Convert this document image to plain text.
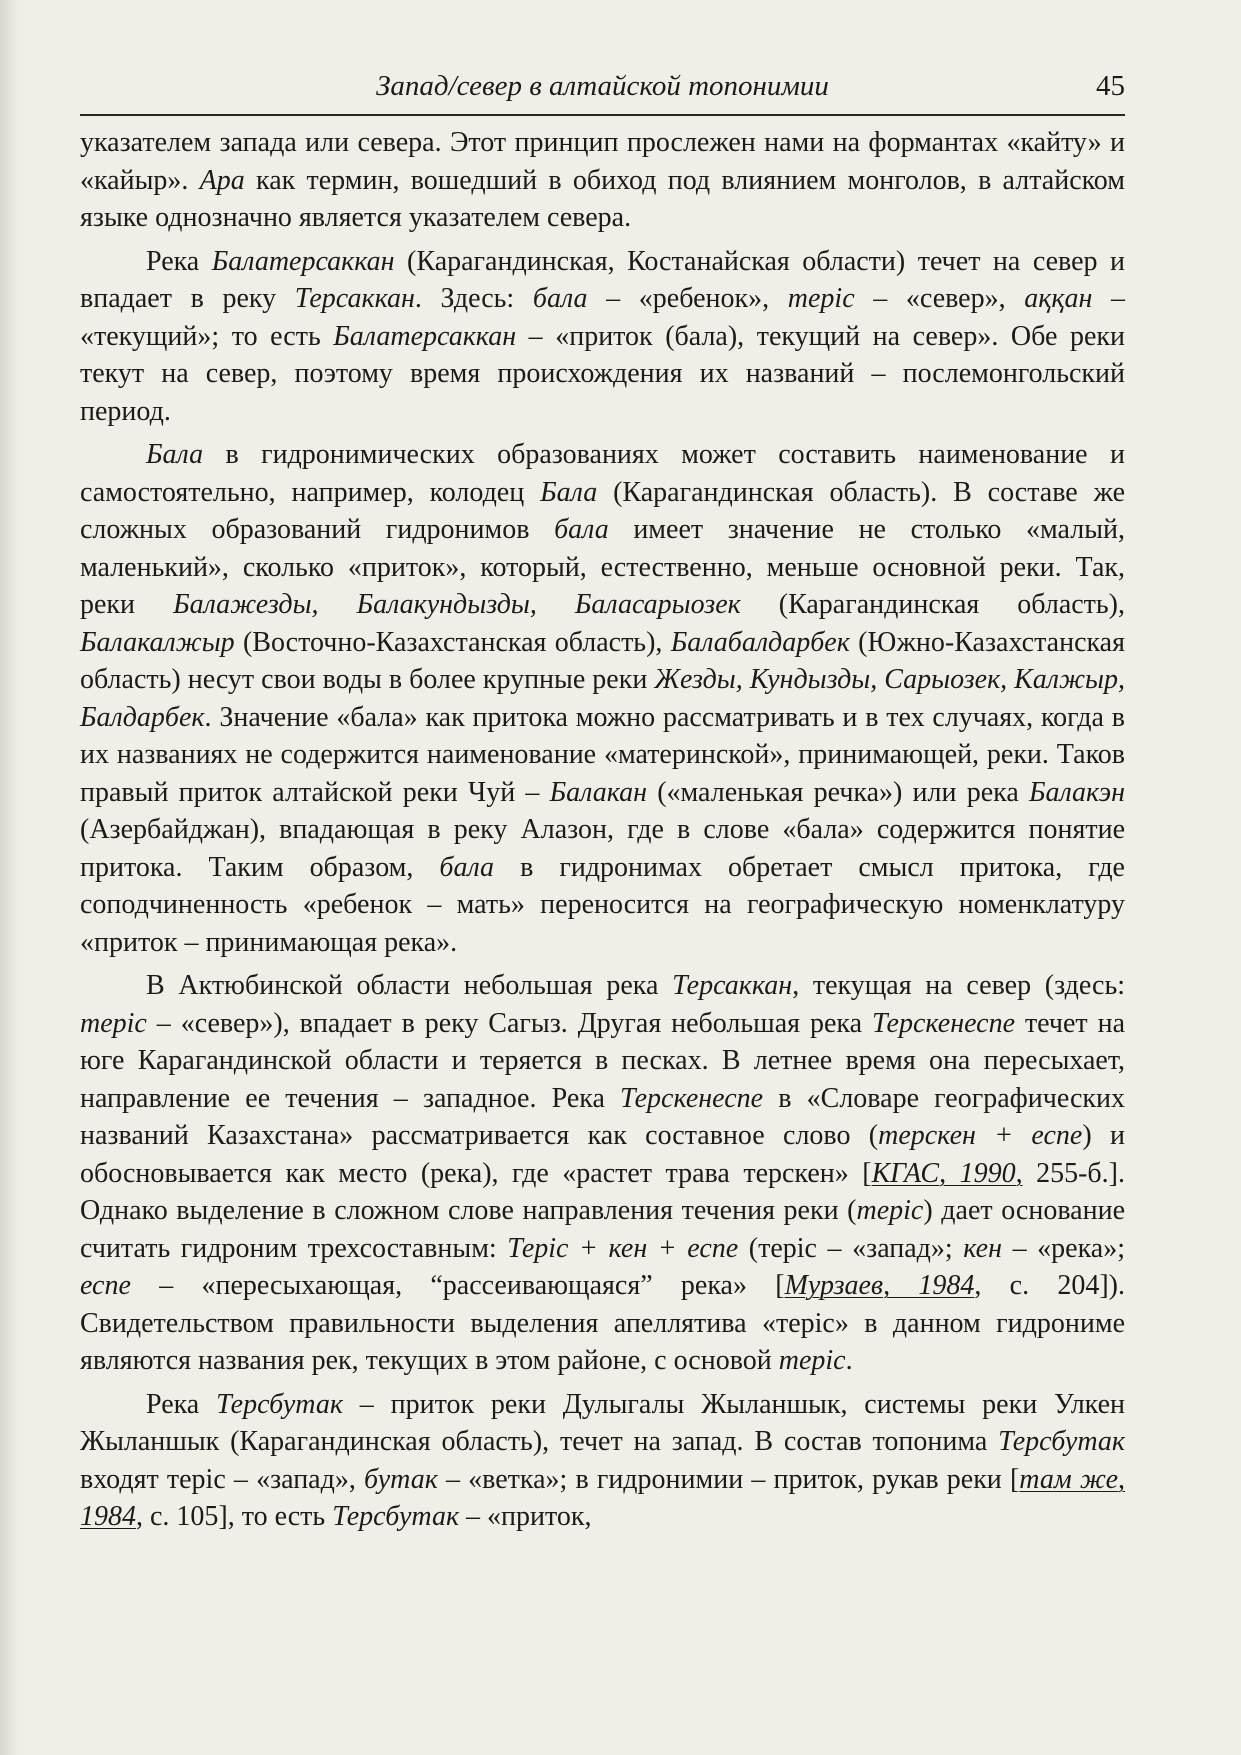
Запад/север в алтайской топонимии	45

указателем запада или севера. Этот принцип прослежен нами на формантах «кайту» и «кайыр». Ара как термин, вошедший в обиход под влиянием монголов, в алтайском языке однозначно является указателем севера.

Река Балатерсаккан (Карагандинская, Костанайская области) течет на север и впадает в реку Терсаккан. Здесь: бала – «ребенок», терiс – «север», аққан – «текущий»; то есть Балатерсаккан – «приток (бала), текущий на север». Обе реки текут на север, поэтому время происхождения их названий – послемонгольский период.

Бала в гидронимических образованиях может составить наименование и самостоятельно, например, колодец Бала (Карагандинская область). В составе же сложных образований гидронимов бала имеет значение не столько «малый, маленький», сколько «приток», который, естественно, меньше основной реки. Так, реки Балажезды, Балакундызды, Баласарыозек (Карагандинская область), Балакалжыр (Восточно-Казахстанская область), Балабалдарбек (Южно-Казахстанская область) несут свои воды в более крупные реки Жезды, Кундызды, Сарыозек, Калжыр, Балдарбек. Значение «бала» как притока можно рассматривать и в тех случаях, когда в их названиях не содержится наименование «материнской», принимающей, реки. Таков правый приток алтайской реки Чуй – Балакан («маленькая речка») или река Балакэн (Азербайджан), впадающая в реку Алазон, где в слове «бала» содержится понятие притока. Таким образом, бала в гидронимах обретает смысл притока, где соподчиненность «ребенок – мать» переносится на географическую номенклатуру «приток – принимающая река».

В Актюбинской области небольшая река Терсаккан, текущая на север (здесь: терiс – «север»), впадает в реку Сагыз. Другая небольшая река Терскенеспе течет на юге Карагандинской области и теряется в песках. В летнее время она пересыхает, направление ее течения – западное. Река Терскенеспе в «Словаре географических названий Казахстана» рассматривается как составное слово (терскен + еспе) и обосновывается как место (река), где «растет трава терскен» [КГАС, 1990, 255-б.]. Однако выделение в сложном слове направления течения реки (терiс) дает основание считать гидроним трехсоставным: Терiс + кен + еспе (терiс – «запад»; кен – «река»; еспе – «пересыхающая, “рассеивающаяся” река» [Мурзаев, 1984, с. 204]). Свидетельством правильности выделения апеллятива «терiс» в данном гидрониме являются названия рек, текущих в этом районе, с основой терiс.

Река Терсбутак – приток реки Дулыгалы Жыланшык, системы реки Улкен Жыланшык (Карагандинская область), течет на запад. В состав топонима Терсбутак входят терiс – «запад», бутак – «ветка»; в гидронимии – приток, рукав реки [там же, 1984, с. 105], то есть Терсбутак – «приток,
